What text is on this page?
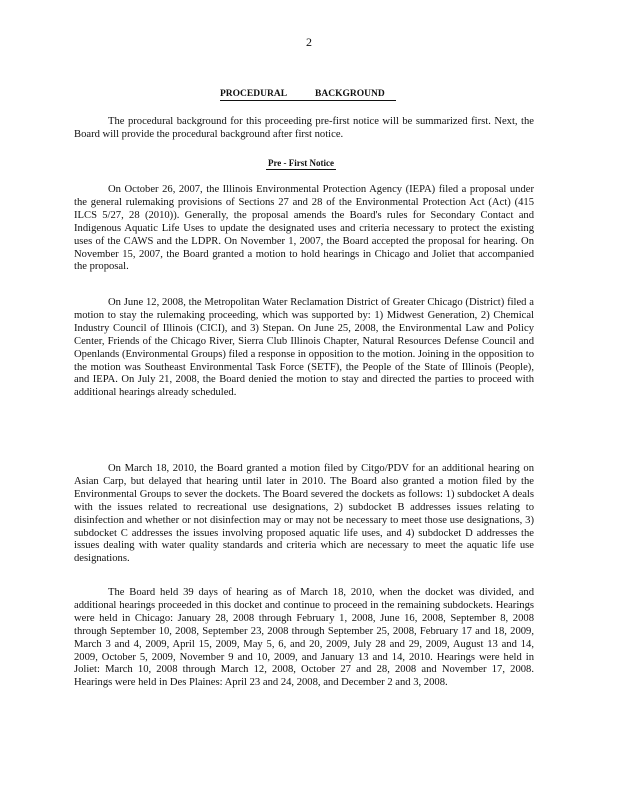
2
PROCEDURAL	BACKGROUND

The procedural background for this proceeding pre-first notice will be summarized first. Next, the Board will provide the procedural background after first notice.

Pre - First Notice

On October 26, 2007, the Illinois Environmental Protection Agency (IEPA) filed a proposal under the general rulemaking provisions of Sections 27 and 28 of the Environmental Protection Act (Act) (415 ILCS 5/27, 28 (2010)). Generally, the proposal amends the Board's rules for Secondary Contact and Indigenous Aquatic Life Uses to update the designated uses and criteria necessary to protect the existing uses of the CAWS and the LDPR. On November 1, 2007, the Board accepted the proposal for hearing. On November 15, 2007, the Board granted a motion to hold hearings in Chicago and Joliet that accompanied the proposal.

On June 12, 2008, the Metropolitan Water Reclamation District of Greater Chicago (District) filed a motion to stay the rulemaking proceeding, which was supported by: 1) Midwest Generation, 2) Chemical Industry Council of Illinois (CICI), and 3) Stepan. On June 25, 2008, the Environmental Law and Policy Center, Friends of the Chicago River, Sierra Club Illinois Chapter, Natural Resources Defense Council and Openlands (Environmental Groups) filed a response in opposition to the motion. Joining in the opposition to the motion was Southeast Environmental Task Force (SETF), the People of the State of Illinois (People), and IEPA. On July 21, 2008, the Board denied the motion to stay and directed the parties to proceed with additional hearings already scheduled.

On March 18, 2010, the Board granted a motion filed by Citgo/PDV for an additional hearing on Asian Carp, but delayed that hearing until later in 2010. The Board also granted a motion filed by the Environmental Groups to sever the dockets. The Board severed the dockets as follows: 1) subdocket A deals with the issues related to recreational use designations, 2) subdocket B addresses issues relating to disinfection and whether or not disinfection may or may not be necessary to meet those use designations, 3) subdocket C addresses the issues involving proposed aquatic life uses, and 4) subdocket D addresses the issues dealing with water quality standards and criteria which are necessary to meet the aquatic life use designations.

The Board held 39 days of hearing as of March 18, 2010, when the docket was divided, and additional hearings proceeded in this docket and continue to proceed in the remaining subdockets. Hearings were held in Chicago: January 28, 2008 through February 1, 2008, June 16, 2008, September 8, 2008 through September 10, 2008, September 23, 2008 through September 25, 2008, February 17 and 18, 2009, March 3 and 4, 2009, April 15, 2009, May 5, 6, and 20, 2009, July 28 and 29, 2009, August 13 and 14, 2009, October 5, 2009, November 9 and 10, 2009, and January 13 and 14, 2010. Hearings were held in Joliet: March 10, 2008 through March 12, 2008, October 27 and 28, 2008 and November 17, 2008. Hearings were held in Des Plaines: April 23 and 24, 2008, and December 2 and 3, 2008.
